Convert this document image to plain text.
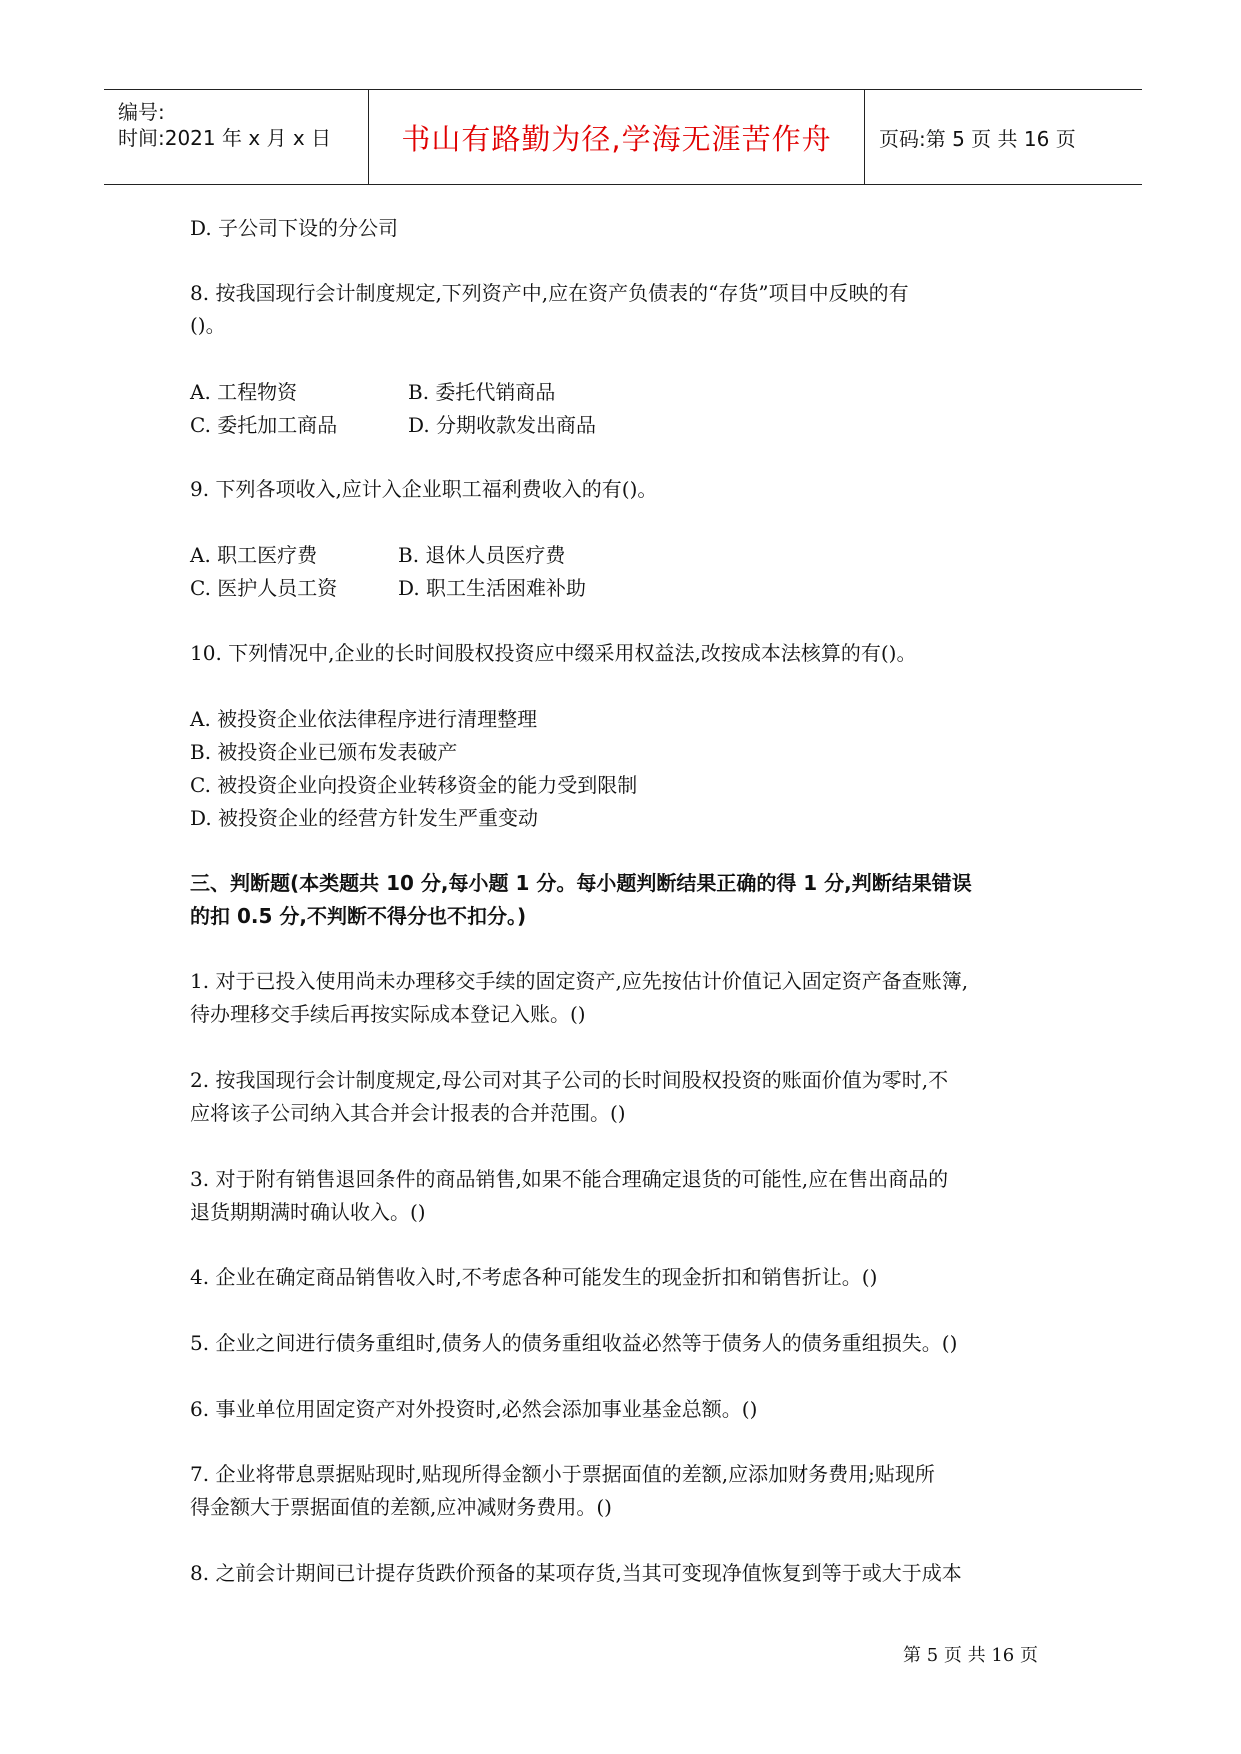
编号:
时间:2021 年 x 月 x 日 书山有路勤为径,学海无涯苦作舟 页码:第 5 页 共 16 页
D. 子公司下设的分公司
8. 按我国现行会计制度规定,下列资产中,应在资产负债表的“存货”项目中反映的有
()。
A. 工程物资	B. 委托代销商品
C. 委托加工商品	D. 分期收款发出商品
9. 下列各项收入,应计入企业职工福利费收入的有()。
A. 职工医疗费	B. 退休人员医疗费
C. 医护人员工资	D. 职工生活困难补助
10. 下列情况中,企业的长时间股权投资应中缀采用权益法,改按成本法核算的有()。
A. 被投资企业依法律程序进行清理整理
B. 被投资企业已颁布发表破产
C. 被投资企业向投资企业转移资金的能力受到限制
D. 被投资企业的经营方针发生严重变动
三、判断题(本类题共 10 分,每小题 1 分。每小题判断结果正确的得 1 分,判断结果错误
的扣 0.5 分,不判断不得分也不扣分。)
1. 对于已投入使用尚未办理移交手续的固定资产,应先按估计价值记入固定资产备查账簿,
待办理移交手续后再按实际成本登记入账。()
2. 按我国现行会计制度规定,母公司对其子公司的长时间股权投资的账面价值为零时,不
应将该子公司纳入其合并会计报表的合并范围。()
3. 对于附有销售退回条件的商品销售,如果不能合理确定退货的可能性,应在售出商品的
退货期期满时确认收入。()
4. 企业在确定商品销售收入时,不考虑各种可能发生的现金折扣和销售折让。()
5. 企业之间进行债务重组时,债务人的债务重组收益必然等于债务人的债务重组损失。()
6. 事业单位用固定资产对外投资时,必然会添加事业基金总额。()
7. 企业将带息票据贴现时,贴现所得金额小于票据面值的差额,应添加财务费用;贴现所
得金额大于票据面值的差额,应冲减财务费用。()
8. 之前会计期间已计提存货跌价预备的某项存货,当其可变现净值恢复到等于或大于成本
第 5 页 共 16 页
